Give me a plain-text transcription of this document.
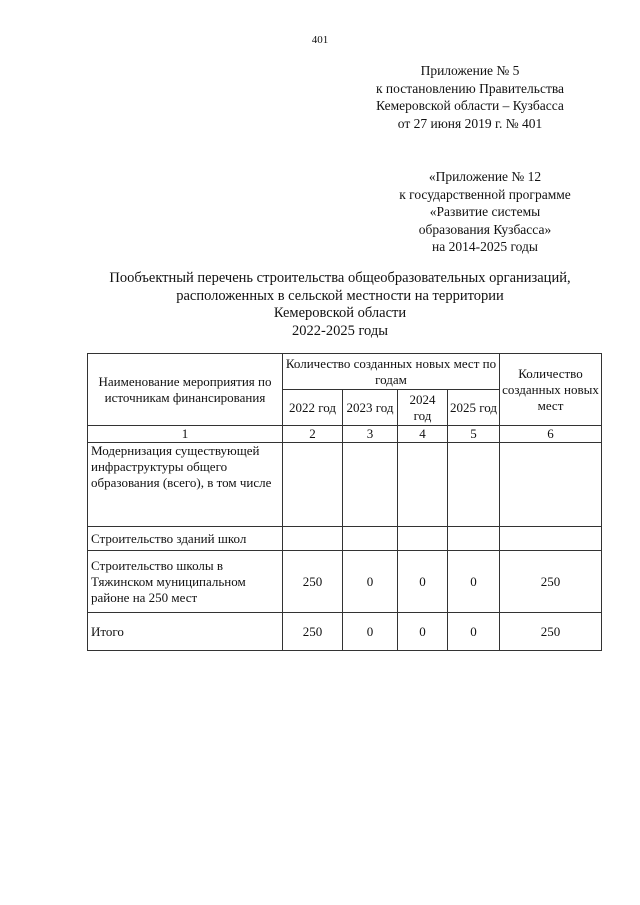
401
Приложение № 5
к постановлению Правительства
Кемеровской области – Кузбасса
от 27 июня 2019 г. № 401
«Приложение № 12
к государственной программе
«Развитие системы
образования Кузбасса»
на 2014-2025 годы
Пообъектный перечень строительства общеобразовательных организаций,
расположенных в сельской местности на территории
Кемеровской области
2022-2025 годы
Наименование мероприятия по источникам финансирования	Количество созданных новых мест по годам				Количество созданных новых мест
	2022 год	2023 год	2024 год	2025 год	
1	2	3	4	5	6
Модернизация существующей инфраструктуры общего образования (всего), в том числе					
Строительство зданий школ					
Строительство школы в Тяжинском муниципальном районе на 250 мест	250	0	0	0	250
Итого	250	0	0	0	250
